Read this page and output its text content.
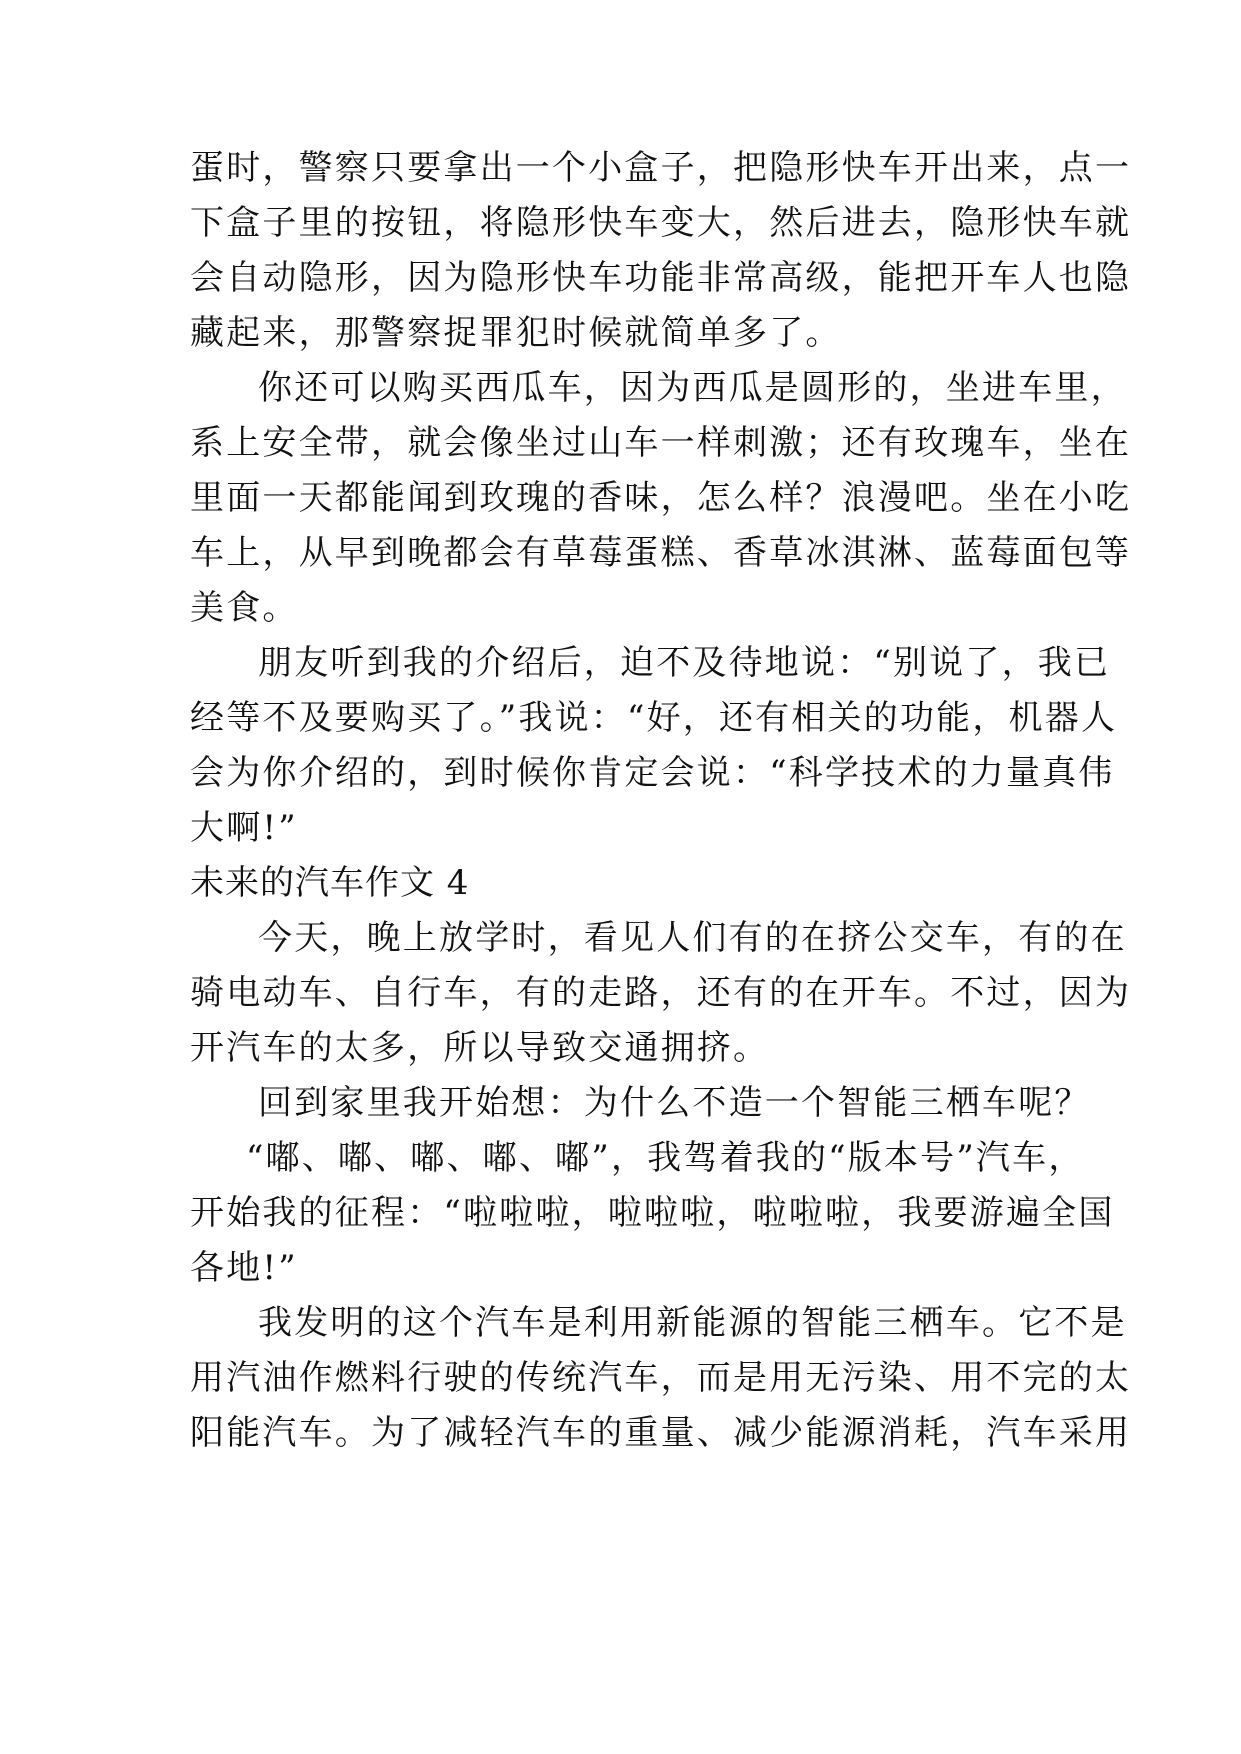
蛋时，警察只要拿出一个小盒子，把隐形快车开出来，点一
下盒子里的按钮，将隐形快车变大，然后进去，隐形快车就
会自动隐形，因为隐形快车功能非常高级，能把开车人也隐
藏起来，那警察捉罪犯时候就简单多了。
你还可以购买西瓜车，因为西瓜是圆形的，坐进车里，
系上安全带，就会像坐过山车一样刺激；还有玫瑰车，坐在
里面一天都能闻到玫瑰的香味，怎么样？浪漫吧。坐在小吃
车上，从早到晚都会有草莓蛋糕、香草冰淇淋、蓝莓面包等
美食。
朋友听到我的介绍后，迫不及待地说：“别说了，我已
经等不及要购买了。”我说：“好，还有相关的功能，机器人
会为你介绍的，到时候你肯定会说：“科学技术的力量真伟
大啊!”
未来的汽车作文 4
今天，晚上放学时，看见人们有的在挤公交车，有的在
骑电动车、自行车，有的走路，还有的在开车。不过，因为
开汽车的太多，所以导致交通拥挤。
回到家里我开始想：为什么不造一个智能三栖车呢？
“嘟、嘟、嘟、嘟、嘟”，我驾着我的“版本号”汽车，
开始我的征程：“啦啦啦，啦啦啦，啦啦啦，我要游遍全国
各地!”
我发明的这个汽车是利用新能源的智能三栖车。它不是
用汽油作燃料行驶的传统汽车，而是用无污染、用不完的太
阳能汽车。为了减轻汽车的重量、减少能源消耗，汽车采用
